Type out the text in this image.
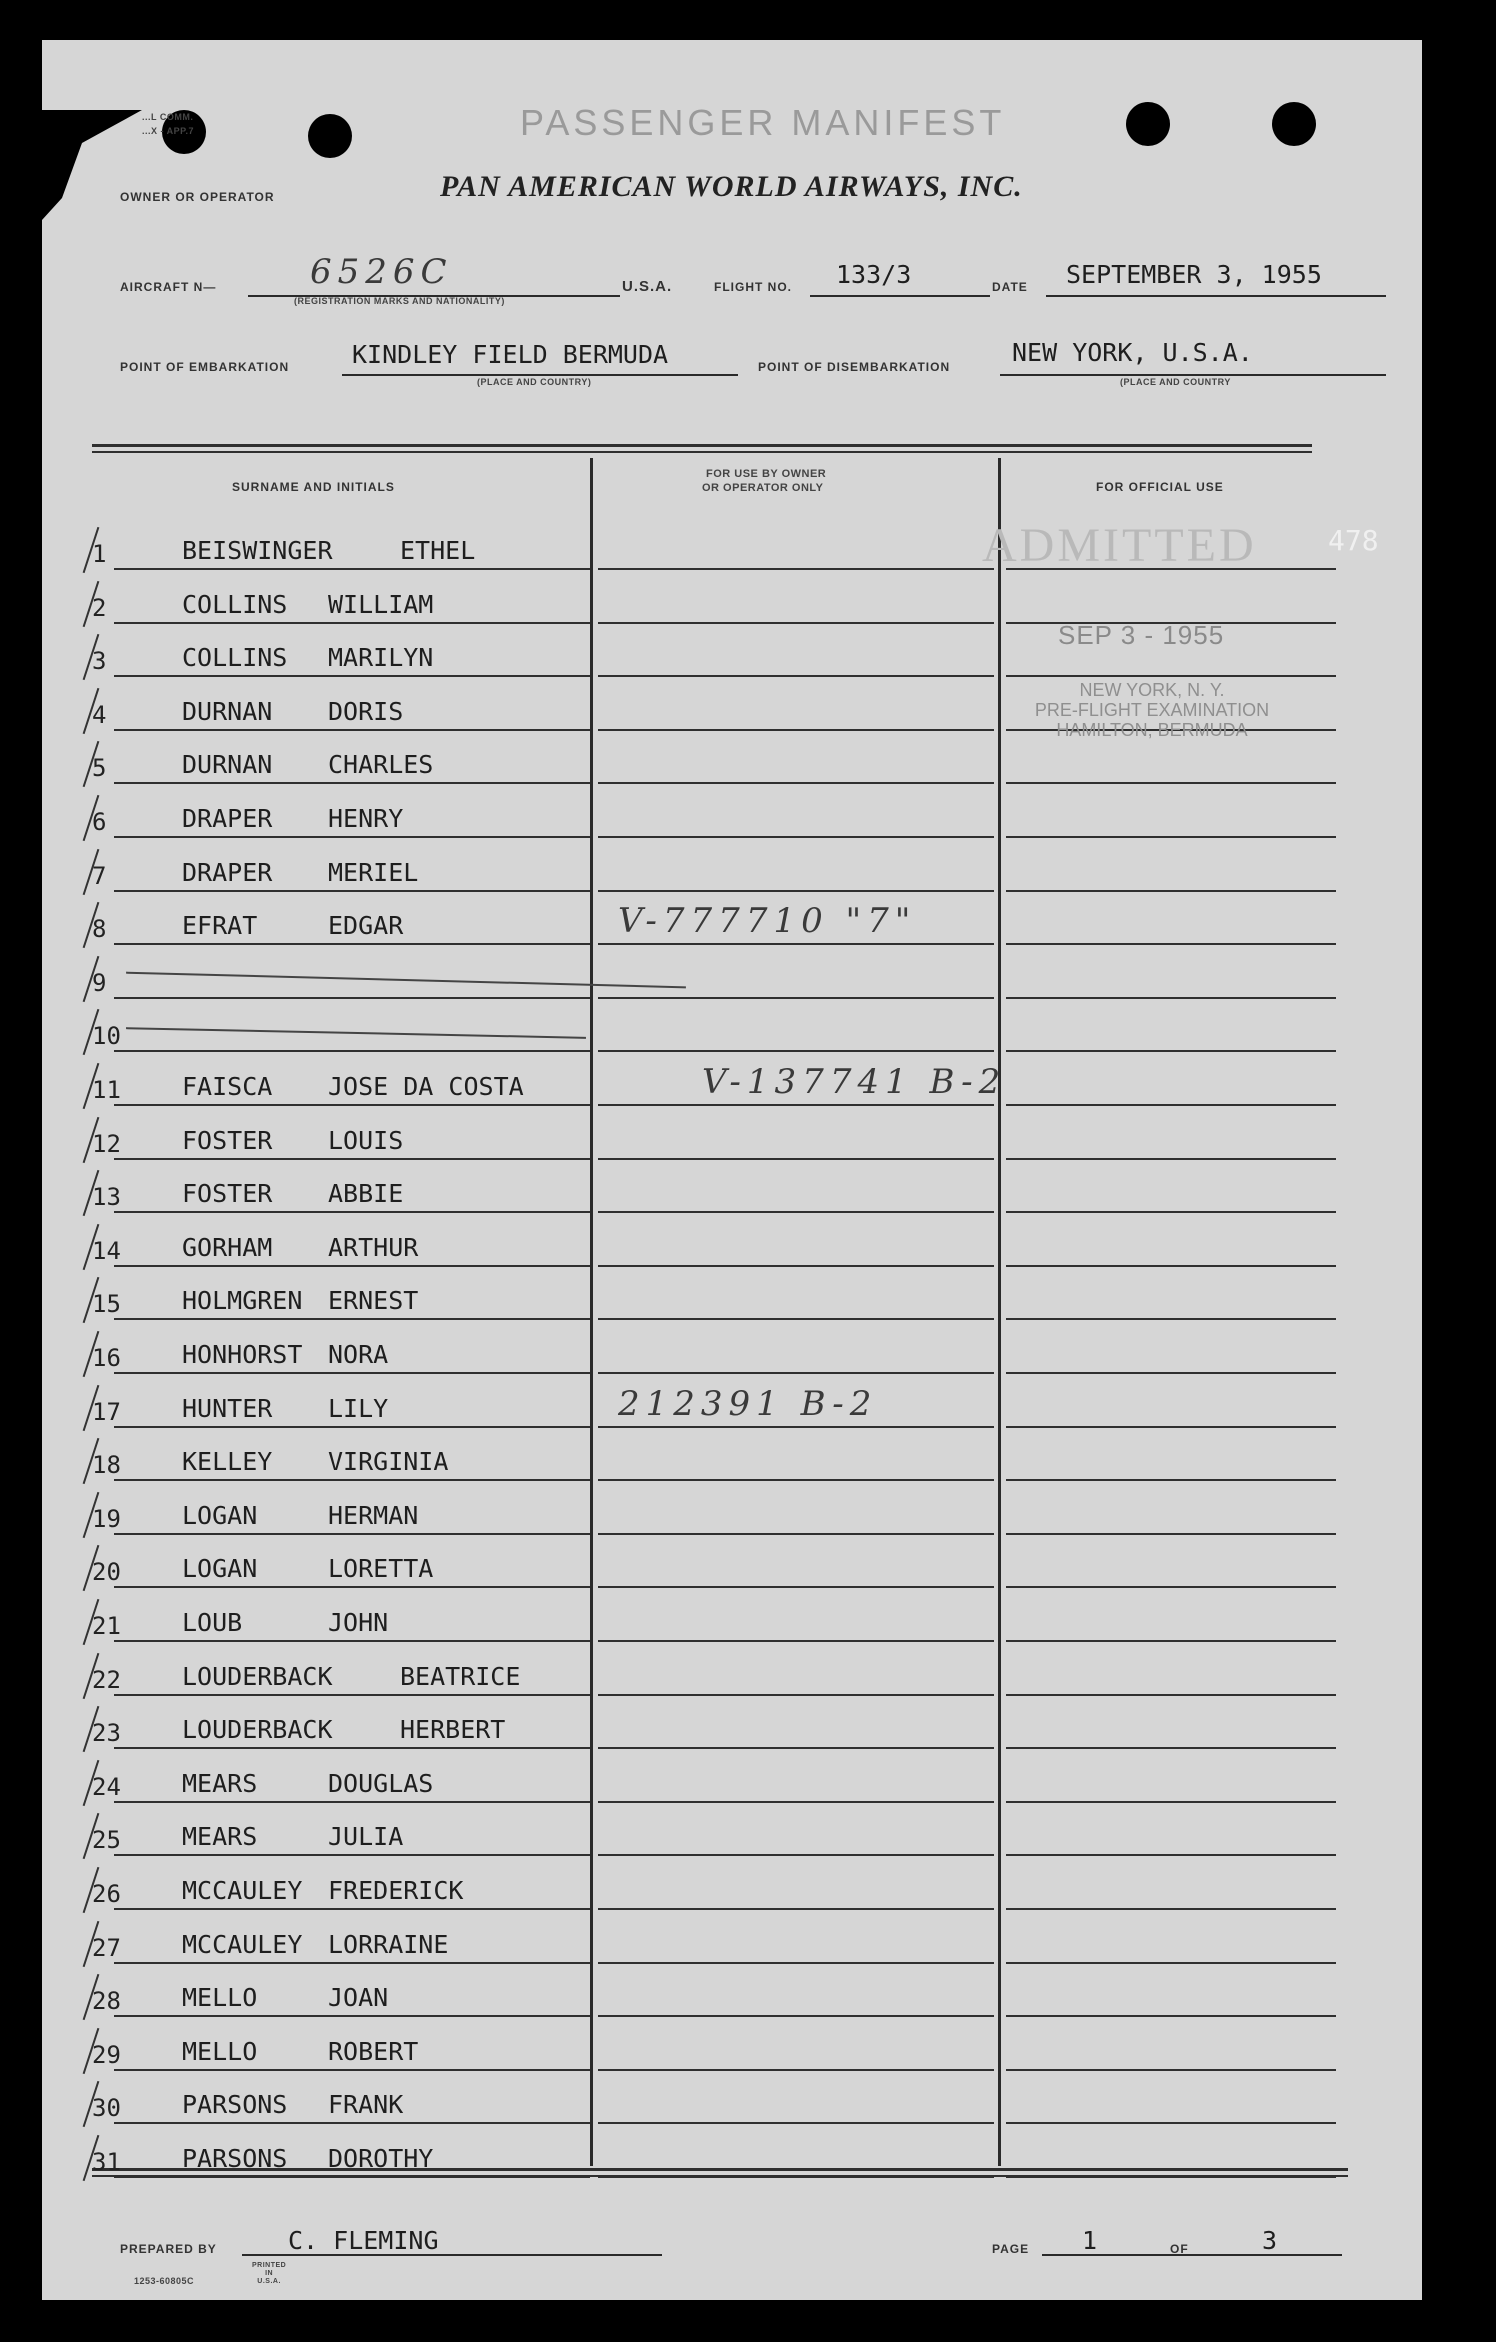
...L COMM.
...X - APP.7	PASSENGER MANIFEST
OWNER OR OPERATOR	PAN AMERICAN WORLD AIRWAYS, INC.
AIRCRAFT N—	6526C
(REGISTRATION MARKS AND NATIONALITY)
U.S.A.	FLIGHT NO. 133/3	DATE SEPTEMBER 3, 1955
POINT OF EMBARKATION	KINDLEY FIELD BERMUDA
(PLACE AND COUNTRY)
POINT OF DISEMBARKATION NEW YORK, U.S.A.
(PLACE AND COUNTRY
SURNAME AND INITIALS
FOR USE BY OWNER
OR OPERATOR ONLY	FOR OFFICIAL USE
1	BEISWINGER	ETHEL
2	COLLINS WILLIAM
3	COLLINS MARILYN
4	DURNAN DORIS
5	DURNAN CHARLES
6	DRAPER HENRY
7	DRAPER MERIEL
8	EFRAT	EDGAR	V-777710 "7"
9
10
11 FAISCA JOSE DA COSTA	V-137741 B-2
12 FOSTER LOUIS
13 FOSTER ABBIE
14 GORHAM ARTHUR
15 HOLMGREN ERNEST
16 HONHORST NORA
17 HUNTER LILY	212391 B-2
18 KELLEY VIRGINIA
19 LOGAN	HERMAN
20 LOGAN	LORETTA
21 LOUB	JOHN
22 LOUDERBACK	BEATRICE
23 LOUDERBACK	HERBERT
24 MEARS	DOUGLAS
25 MEARS	JULIA
26 MCCAULEY FREDERICK
27 MCCAULEY LORRAINE
28 MELLO	JOAN
29 MELLO	ROBERT
30 PARSONS FRANK
31 PARSONS DOROTHY
ADMITTED
SEP 3 - 1955
NEW YORK, N. Y.
PRE-FLIGHT EXAMINATION
HAMILTON, BERMUDA
PREPARED BY	C. FLEMING	PAGE 1	OF	3
1253-60805C
PRINTED
IN
U.S.A.
478
